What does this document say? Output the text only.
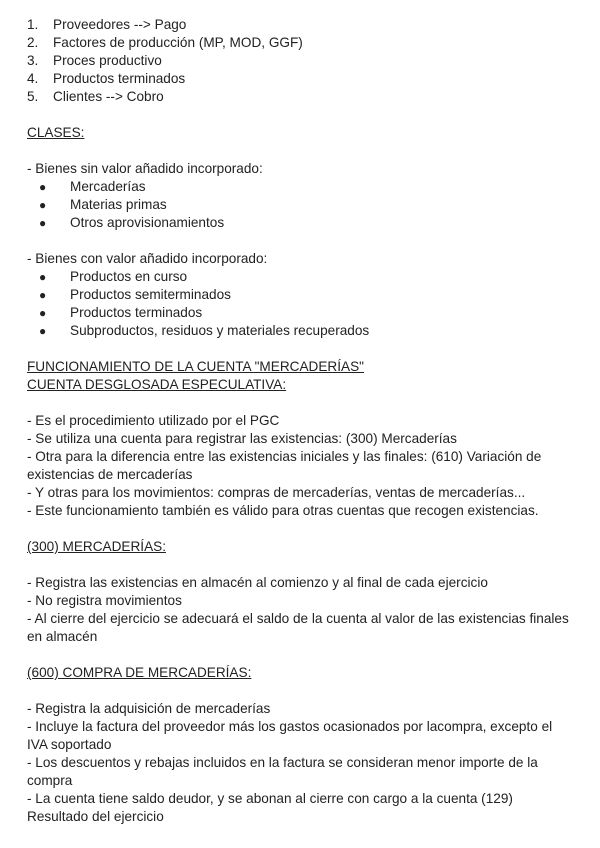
1.	Proveedores --> Pago
2.	Factores de producción (MP, MOD, GGF)
3.	Proces productivo
4.	Productos terminados
5.	Clientes --> Cobro

CLASES:

- Bienes sin valor añadido incorporado:

●	Mercaderías
●	Materias primas
●	Otros aprovisionamientos

- Bienes con valor añadido incorporado:

●	Productos en curso
●	Productos semiterminados
●	Productos terminados
●	Subproductos, residuos y materiales recuperados

FUNCIONAMIENTO DE LA CUENTA "MERCADERÍAS"

CUENTA DESGLOSADA ESPECULATIVA:

- Es el procedimiento utilizado por el PGC

- Se utiliza una cuenta para registrar las existencias: (300) Mercaderías

- Otra para la diferencia entre las existencias iniciales y las finales: (610) Variación de existencias de mercaderías

- Y otras para los movimientos: compras de mercaderías, ventas de mercaderías...

- Este funcionamiento también es válido para otras cuentas que recogen existencias.

(300) MERCADERÍAS:

- Registra las existencias en almacén al comienzo y al final de cada ejercicio

- No registra movimientos

- Al cierre del ejercicio se adecuará el saldo de la cuenta al valor de las existencias finales en almacén

(600) COMPRA DE MERCADERÍAS:

- Registra la adquisición de mercaderías

- Incluye la factura del proveedor más los gastos ocasionados por lacompra, excepto el IVA soportado

- Los descuentos y rebajas incluidos en la factura se consideran menor importe de la compra

- La cuenta tiene saldo deudor, y se abonan al cierre con cargo a la cuenta (129) Resultado del ejercicio
